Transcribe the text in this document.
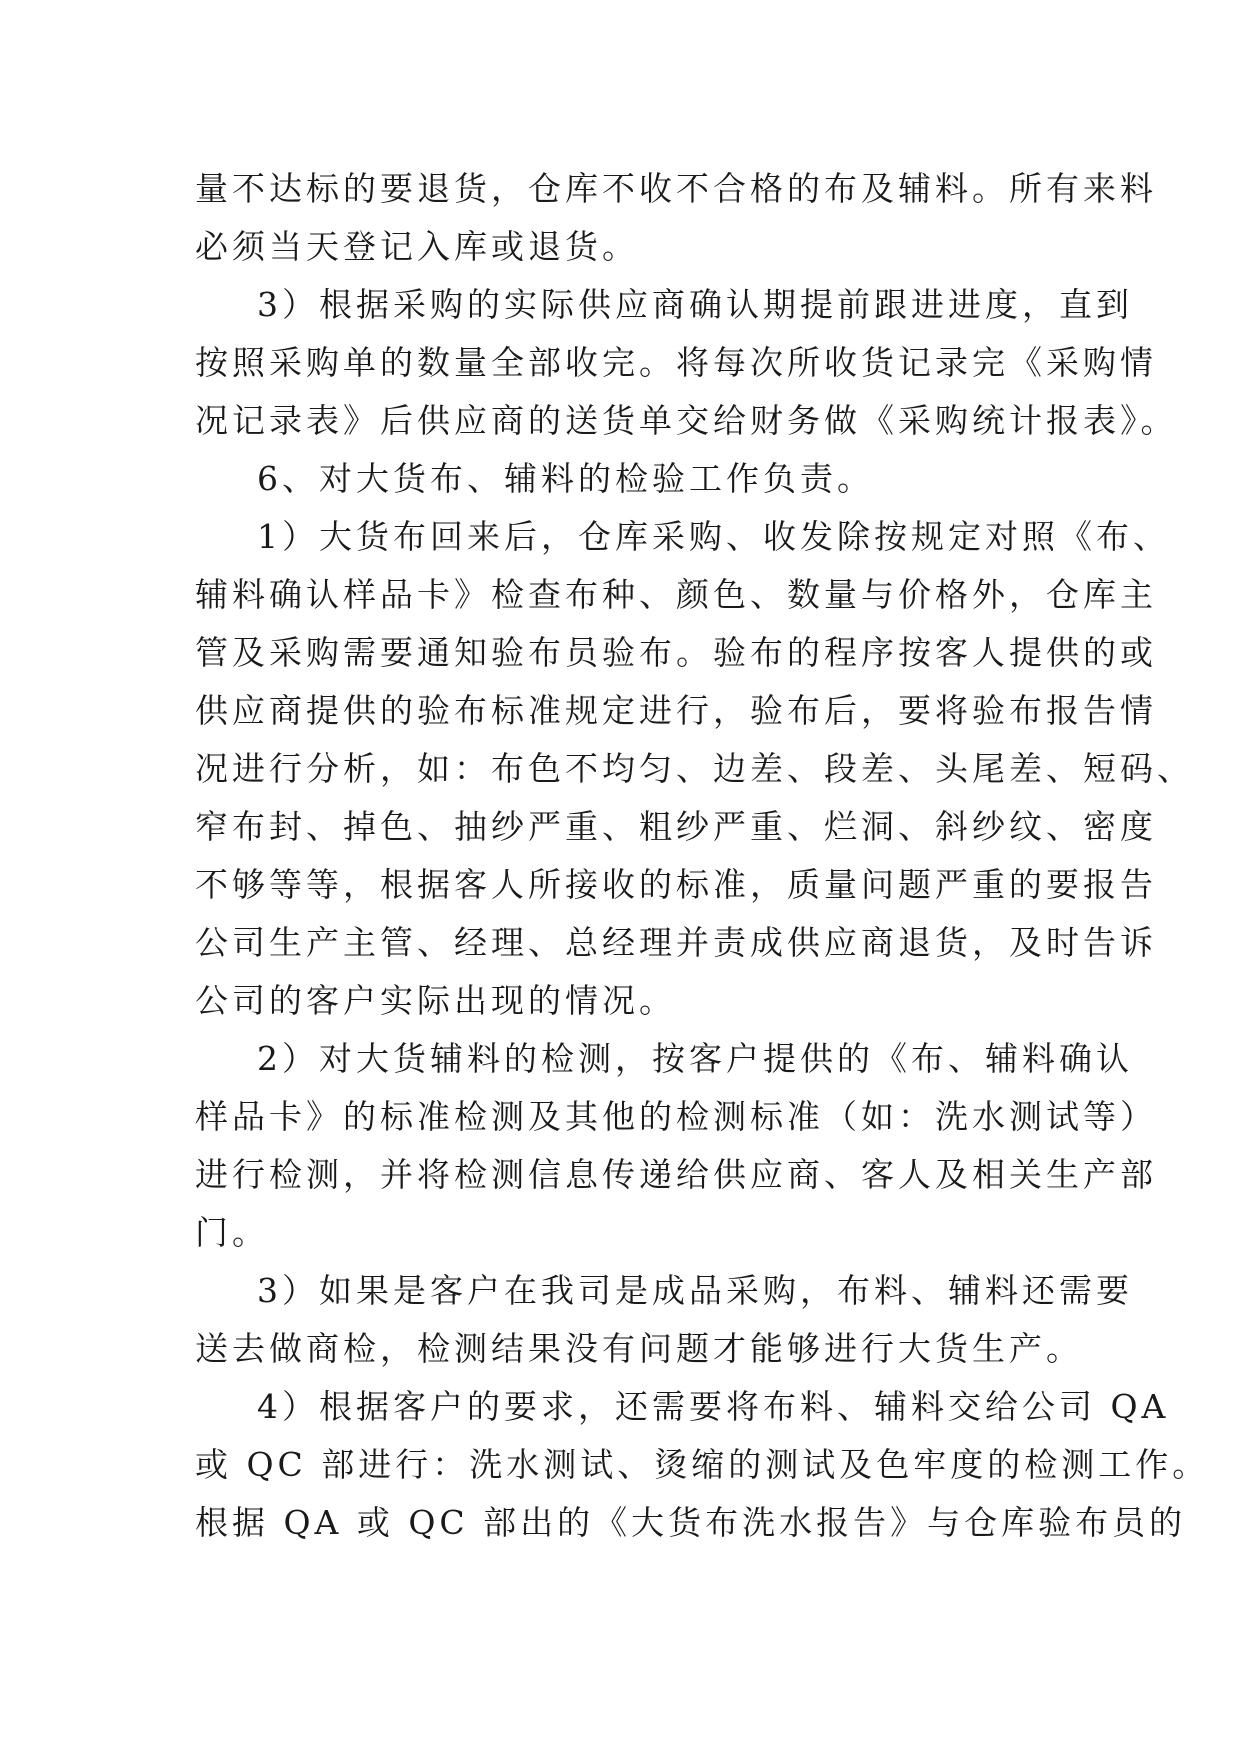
量不达标的要退货，仓库不收不合格的布及辅料。所有来料
必须当天登记入库或退货。
3）根据采购的实际供应商确认期提前跟进进度，直到
按照采购单的数量全部收完。将每次所收货记录完《采购情
况记录表》后供应商的送货单交给财务做《采购统计报表》。
6、对大货布、辅料的检验工作负责。
1）大货布回来后，仓库采购、收发除按规定对照《布、
辅料确认样品卡》检查布种、颜色、数量与价格外，仓库主
管及采购需要通知验布员验布。验布的程序按客人提供的或
供应商提供的验布标准规定进行，验布后，要将验布报告情
况进行分析，如：布色不均匀、边差、段差、头尾差、短码、
窄布封、掉色、抽纱严重、粗纱严重、烂洞、斜纱纹、密度
不够等等，根据客人所接收的标准，质量问题严重的要报告
公司生产主管、经理、总经理并责成供应商退货，及时告诉
公司的客户实际出现的情况。
2）对大货辅料的检测，按客户提供的《布、辅料确认
样品卡》的标准检测及其他的检测标准（如：洗水测试等）
进行检测，并将检测信息传递给供应商、客人及相关生产部
门。
3）如果是客户在我司是成品采购，布料、辅料还需要
送去做商检，检测结果没有问题才能够进行大货生产。
4）根据客户的要求，还需要将布料、辅料交给公司 QA
或 QC 部进行：洗水测试、烫缩的测试及色牢度的检测工作。
根据 QA 或 QC 部出的《大货布洗水报告》与仓库验布员的
